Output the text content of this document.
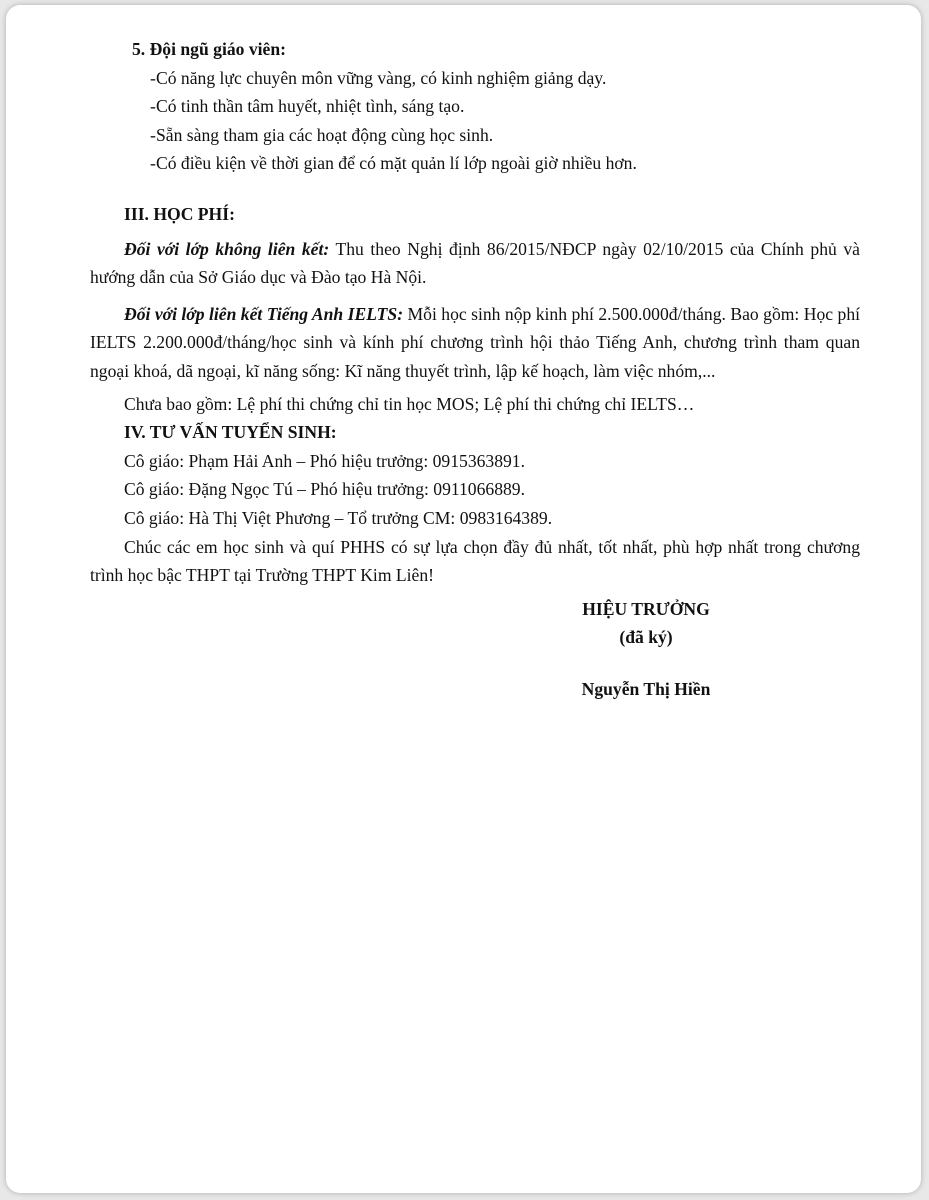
5. Đội ngũ giáo viên:

- Có năng lực chuyên môn vững vàng, có kinh nghiệm giảng dạy.
- Có tinh thần tâm huyết, nhiệt tình, sáng tạo.
- Sẵn sàng tham gia các hoạt động cùng học sinh.
- Có điều kiện về thời gian để có mặt quản lí lớp ngoài giờ nhiều hơn.

III. HỌC PHÍ:

Đối với lớp không liên kết: Thu theo Nghị định 86/2015/NĐCP ngày 02/10/2015 của Chính phủ và hướng dẫn của Sở Giáo dục và Đào tạo Hà Nội.

Đối với lớp liên kết Tiếng Anh IELTS: Mỗi học sinh nộp kinh phí 2.500.000đ/tháng. Bao gồm: Học phí IELTS 2.200.000đ/tháng/học sinh và kính phí chương trình hội thảo Tiếng Anh, chương trình tham quan ngoại khoá, dã ngoại, kĩ năng sống: Kĩ năng thuyết trình, lập kế hoạch, làm việc nhóm,...

Chưa bao gồm: Lệ phí thi chứng chỉ tin học MOS; Lệ phí thi chứng chỉ IELTS…

IV. TƯ VẤN TUYỂN SINH:

Cô giáo: Phạm Hải Anh – Phó hiệu trưởng: 0915363891.

Cô giáo: Đặng Ngọc Tú – Phó hiệu trưởng: 0911066889.

Cô giáo: Hà Thị Việt Phương – Tổ trưởng CM: 0983164389.

Chúc các em học sinh và quí PHHS có sự lựa chọn đầy đủ nhất, tốt nhất, phù hợp nhất trong chương trình học bậc THPT tại Trường THPT Kim Liên!

HIỆU TRƯỞNG
(đã ký)
Nguyễn Thị Hiền
